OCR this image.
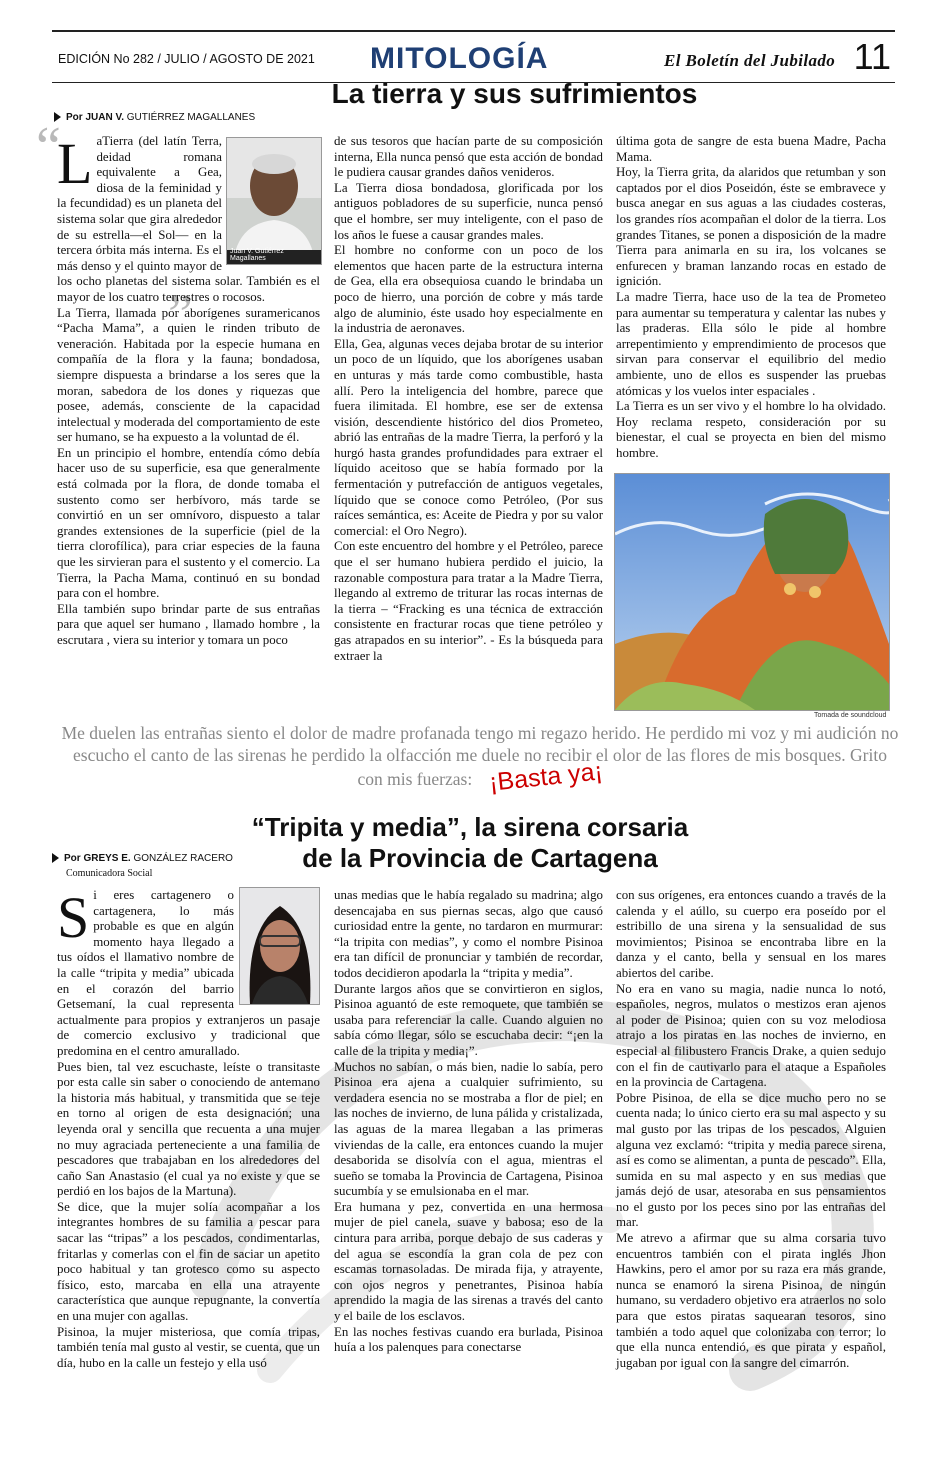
EDICIÓN No 282 / JULIO / AGOSTO DE 2021 MITOLOGÍA	El Boletín del Jubilado 11
La tierra y sus sufrimientos
Por JUAN V. GUTIÉRREZ MAGALLANES
“
”
Juan V. Gutiérrez Magallanes

LaTierra (del latín Terra, deidad romana equivalente a Gea, diosa de la feminidad y la fecundidad) es un planeta del sistema solar que gira alrededor de su estrella—el Sol— en la tercera órbita más interna. Es el más denso y el quinto mayor de los ocho planetas del sistema solar. También es el mayor de los cuatro terrestres o rocosos.

La Tierra, llamada por aborígenes suramericanos “Pacha Mama”, a quien le rinden tributo de veneración. Habitada por la especie humana en compañía de la flora y la fauna; bondadosa, siempre dispuesta a brindarse a los seres que la moran, sabedora de los dones y riquezas que posee, además, consciente de la capacidad intelectual y moderada del comportamiento de este ser humano, se ha expuesto a la voluntad de él.

En un principio el hombre, entendía cómo debía hacer uso de su superficie, esa que generalmente está colmada por la flora, de donde tomaba el sustento como ser herbívoro, más tarde se convirtió en un ser omnívoro, dispuesto a talar grandes extensiones de la superficie (piel de la tierra clorofílica), para criar especies de la fauna que les sirvieran para el sustento y el comercio. La Tierra, la Pacha Mama, continuó en su bondad para con el hombre.

Ella también supo brindar parte de sus entrañas para que aquel ser humano , llamado hombre , la escrutara , viera su interior y tomara un poco

de sus tesoros que hacían parte de su composición interna, Ella nunca pensó que esta acción de bondad le pudiera causar grandes daños venideros.

La Tierra diosa bondadosa, glorificada por los antiguos pobladores de su superficie, nunca pensó que el hombre, ser muy inteligente, con el paso de los años le fuese a causar grandes males.

El hombre no conforme con un poco de los elementos que hacen parte de la estructura interna de Gea, ella era obsequiosa cuando le brindaba un poco de hierro, una porción de cobre y más tarde algo de aluminio, éste usado hoy especialmente en la industria de aeronaves.

Ella, Gea, algunas veces dejaba brotar de su interior un poco de un líquido, que los aborígenes usaban en unturas y más tarde como combustible, hasta allí. Pero la inteligencia del hombre, parece que fuera ilimitada. El hombre, ese ser de extensa visión, descendiente histórico del dios Prometeo, abrió las entrañas de la madre Tierra, la perforó y la hurgó hasta grandes profundidades para extraer el líquido aceitoso que se había formado por la fermentación y putrefacción de antiguos vegetales, líquido que se conoce como Petróleo, (Por sus raíces semántica, es: Aceite de Piedra y por su valor comercial: el Oro Negro).

Con este encuentro del hombre y el Petróleo, parece que el ser humano hubiera perdido el juicio, la razonable compostura para tratar a la Madre Tierra, llegando al extremo de triturar las rocas internas de la tierra – “Fracking es una técnica de extracción consistente en fracturar rocas que tiene petróleo y gas atrapados en su interior”. - Es la búsqueda para extraer la

última gota de sangre de esta buena Madre, Pacha Mama.

Hoy, la Tierra grita, da alaridos que retumban y son captados por el dios Poseidón, éste se embravece y busca anegar en sus aguas a las ciudades costeras, los grandes ríos acompañan el dolor de la tierra. Los grandes Titanes, se ponen a disposición de la madre Tierra para animarla en su ira, los volcanes se enfurecen y braman lanzando rocas en estado de ignición.

La madre Tierra, hace uso de la tea de Prometeo para aumentar su temperatura y calentar las nubes y las praderas. Ella sólo le pide al hombre arrepentimiento y emprendimiento de procesos que sirvan para conservar el equilibrio del medio ambiente, uno de ellos es suspender las pruebas atómicas y los vuelos inter espaciales .

La Tierra es un ser vivo y el hombre lo ha olvidado. Hoy reclama respeto, consideración por su bienestar, el cual se proyecta en bien del mismo hombre.

Tomada de soundcloud
Me duelen las entrañas siento el dolor de madre profanada tengo mi regazo herido. He perdido mi voz y mi audición no escucho el canto de las sirenas he perdido la olfacción me duele no recibir el olor de las flores de mis bosques. Grito con mis fuerzas: ¡Basta ya¡
“Tripita y media”, la sirena corsaria
de la Provincia de Cartagena
Por GREYS E. GONZÁLEZ RACERO
Comunicadora Social

Si eres cartagenero o cartagenera, lo más probable es que en algún momento haya llegado a tus oídos el llamativo nombre de la calle “tripita y media” ubicada en el corazón del barrio Getsemaní, la cual representa actualmente para propios y extranjeros un pasaje de comercio exclusivo y tradicional que predomina en el centro amurallado.

Pues bien, tal vez escuchaste, leíste o transitaste por esta calle sin saber o conociendo de antemano la historia más habitual, y transmitida que se teje en torno al origen de esta designación; una leyenda oral y sencilla que recuenta a una mujer no muy agraciada perteneciente a una familia de pescadores que trabajaban en los alrededores del caño San Anastasio (el cual ya no existe y que se perdió en los bajos de la Martuna).

Se dice, que la mujer solía acompañar a los integrantes hombres de su familia a pescar para sacar las “tripas” a los pescados, condimentarlas, fritarlas y comerlas con el fin de saciar un apetito poco habitual y tan grotesco como su aspecto físico, esto, marcaba en ella una atrayente característica que aunque repugnante, la convertía en una mujer con agallas.

Pisinoa, la mujer misteriosa, que comía tripas, también tenía mal gusto al vestir, se cuenta, que un día, hubo en la calle un festejo y ella usó

unas medias que le había regalado su madrina; algo desencajaba en sus piernas secas, algo que causó curiosidad entre la gente, no tardaron en murmurar: “la tripita con medias”, y como el nombre Pisinoa era tan difícil de pronunciar y también de recordar, todos decidieron apodarla la “tripita y media”.

Durante largos años que se convirtieron en siglos, Pisinoa aguantó de este remoquete, que también se usaba para referenciar la calle. Cuando alguien no sabía cómo llegar, sólo se escuchaba decir: “¡en la calle de la tripita y media¡”.

Muchos no sabían, o más bien, nadie lo sabía, pero Pisinoa era ajena a cualquier sufrimiento, su verdadera esencia no se mostraba a flor de piel; en las noches de invierno, de luna pálida y cristalizada, las aguas de la marea llegaban a las primeras viviendas de la calle, era entonces cuando la mujer desaborida se disolvía con el agua, mientras el sueño se tomaba la Provincia de Cartagena, Pisinoa sucumbía y se emulsionaba en el mar.

Era humana y pez, convertida en una hermosa mujer de piel canela, suave y babosa; eso de la cintura para arriba, porque debajo de sus caderas y del agua se escondía la gran cola de pez con escamas tornasoladas. De mirada fija, y atrayente, con ojos negros y penetrantes, Pisinoa había aprendido la magia de las sirenas a través del canto y el baile de los esclavos.

En las noches festivas cuando era burlada, Pisinoa huía a los palenques para conectarse

con sus orígenes, era entonces cuando a través de la calenda y el aúllo, su cuerpo era poseído por el estribillo de una sirena y la sensualidad de sus movimientos; Pisinoa se encontraba libre en la danza y el canto, bella y sensual en los mares abiertos del caribe.

No era en vano su magia, nadie nunca lo notó, españoles, negros, mulatos o mestizos eran ajenos al poder de Pisinoa; quien con su voz melodiosa atrajo a los piratas en las noches de invierno, en especial al filibustero Francis Drake, a quien sedujo con el fin de cautivarlo para el ataque a Españoles en la provincia de Cartagena.

Pobre Pisinoa, de ella se dice mucho pero no se cuenta nada; lo único cierto era su mal aspecto y su mal gusto por las tripas de los pescados, Alguien alguna vez exclamó: “tripita y media parece sirena, así es como se alimentan, a punta de pescado”. Ella, sumida en su mal aspecto y en sus medias que jamás dejó de usar, atesoraba en sus pensamientos no el gusto por los peces sino por las entrañas del mar.

Me atrevo a afirmar que su alma corsaria tuvo encuentros también con el pirata inglés Jhon Hawkins, pero el amor por su raza era más grande, nunca se enamoró la sirena Pisinoa, de ningún humano, su verdadero objetivo era atraerlos no solo para que estos piratas saquearan tesoros, sino también a todo aquel que colonizaba con terror; lo que ella nunca entendió, es que pirata y español, jugaban por igual con la sangre del cimarrón.
